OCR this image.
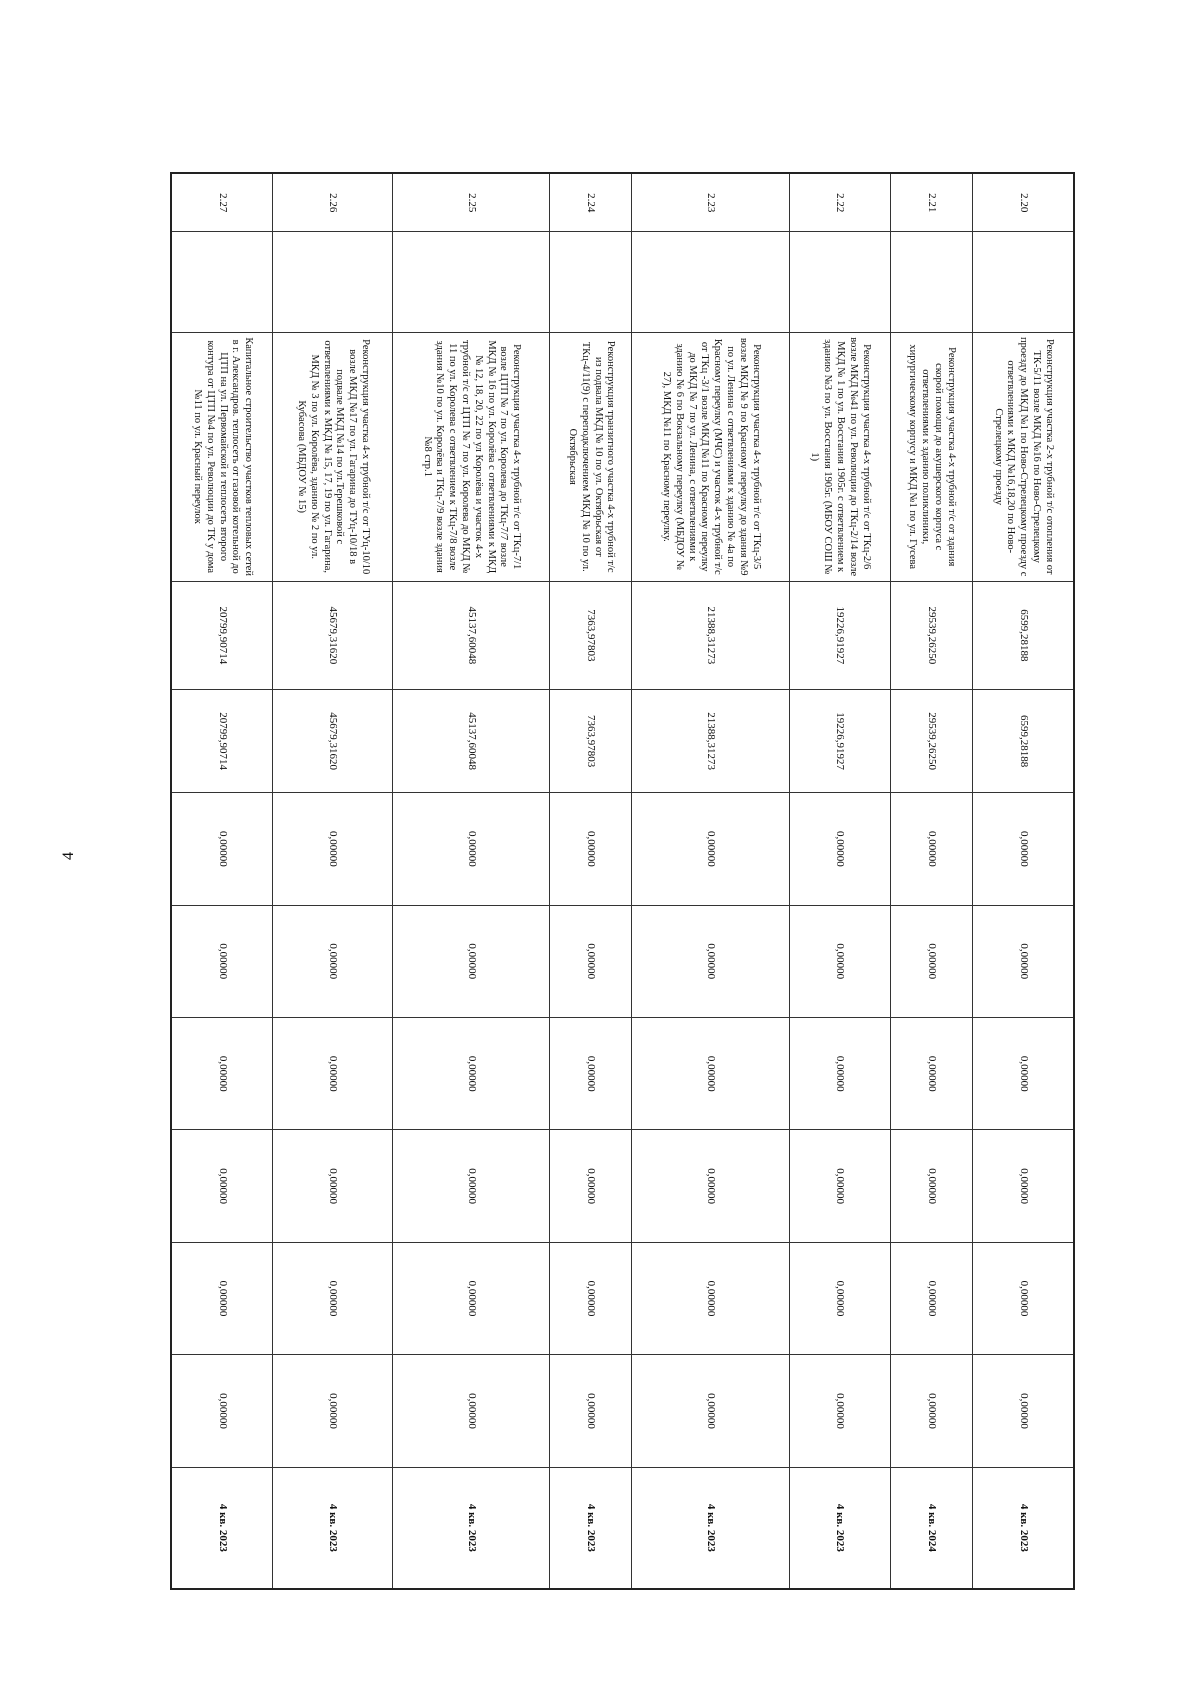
4
2.20		Реконструкция участка 2-х трубной т/с отопления от ТК-5/11 возле МКД №16 по Ново-Стрелецкому проезду до МКД №1 по Ново-Стрелецкому проезду с ответвлениями к МКД №16,18,20 по Ново-Стрелецкому проезду	6599,28188	6599,28188	0,00000	0,00000	0,00000	0,00000	0,00000	0,00000	4 кв. 2023
2.21		Реконструкция участка 4-х трубной т/с от здания скорой помощи до акушерского корпуса с ответвлениями к зданию поликлиники, хирургическому корпусу и МКД №1 по ул. Гусева	29539,26250	29539,26250	0,00000	0,00000	0,00000	0,00000	0,00000	0,00000	4 кв. 2024
2.22		Реконструкция участка 4-х трубной т/с от ТКц-2/6 возле МКД №41 по ул. Революции до ТКц-2/14 возле МКД № 1 по ул. Восстания 1905г. с ответвлением к зданию №3 по ул. Восстания 1905г. (МБОУ СОШ № 1)	19226,91927	19226,91927	0,00000	0,00000	0,00000	0,00000	0,00000	0,00000	4 кв. 2023
2.23		Реконструкция участка 4-х трубной т/с от ТКц-3/5 возле МКД № 9 по Красному переулку до здания №9 по ул. Ленина с ответвлениями к зданию № 4а по Красному переулку (МЧС) и участок 4-х трубной т/с от ТКц -3/1 возле МКД №11 по Красному переулку до МКД № 7 по ул. Ленина, с ответвлениями к зданию № 6 по Вокзальному переулку (МБДОУ № 27), МКД №11 по Красному переулку.	21388,31273	21388,31273	0,00000	0,00000	0,00000	0,00000	0,00000	0,00000	4 кв. 2023
2.24		Реконструкция транзитного участка 4-х трубной т/с из подвала МКД № 10 по ул. Октябрьская от ТКц-4/11(9) с переподключением МКД № 10 по ул. Октябрьская	7363,97803	7363,97803	0,00000	0,00000	0,00000	0,00000	0,00000	0,00000	4 кв. 2023
2.25		Реконструкция участка 4-х трубной т/с от ТКц-7/1 возле ЦТП № 7 по ул. Королева до ТКц-7/7 возле МКД № 16 по ул. Королёва с ответвлениями к МКД № 12, 18, 20, 22 по ул Королёва и участок 4-х трубной т/с от ЦТП № 7 по ул. Королева до МКД № 11 по ул. Королева с ответвлением к ТКц-7/8 возле здания №10 по ул. Королёва и ТКц-7/9 возле здания №8 стр.1	45137,60048	45137,60048	0,00000	0,00000	0,00000	0,00000	0,00000	0,00000	4 кв. 2023
2.26		Реконструкция участка 4-х трубной т/с от ТУц-10/10 возле МКД №17 по ул. Гагарина до ТУц-10/18 в подвале МКД №14 по ул.Терешковой с ответвлениями к МКД № 15, 17, 19 по ул. Гагарина, МКД № 3 по ул. Королёва, зданию № 2 по ул. Кубасова (МБДОУ № 15)	45679,31620	45679,31620	0,00000	0,00000	0,00000	0,00000	0,00000	0,00000	4 кв. 2023
2.27		Капитальное строительство участков тепловых сетей в г. Александров. теплосеть от газовой котельной до ЦТП на ул. Первомайской и теплосеть второго контура от ЦТП №4 по ул. Революции до ТК у дома №11 по ул. Красный переулок	20799,90714	20799,90714	0,00000	0,00000	0,00000	0,00000	0,00000	0,00000	4 кв. 2023
